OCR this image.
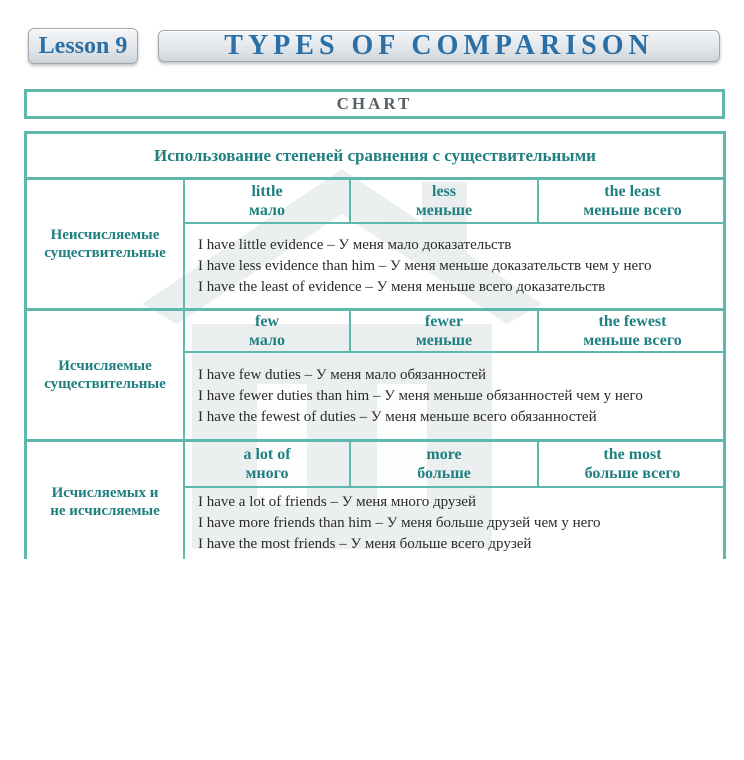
Lesson 9	TYPES OF COMPARISON
CHART
Использование степеней сравнения с существительными
Неисчисляемые
существительные
little
мало
less
меньше
the least
меньше всего
I have little evidence – У меня мало доказательств
I have less evidence than him – У меня меньше доказательств чем у него
I have the least of evidence – У меня меньше всего доказательств
Исчисляемые
существительные
few
мало
fewer
меньше
the fewest
меньше всего
I have few duties – У меня мало обязанностей
I have fewer duties than him – У меня меньше обязанностей чем у него
I have the fewest of duties – У меня меньше всего обязанностей
Исчисляемых и
не исчисляемые
a lot of
много
more
больше
the most
больше всего
I have a lot of friends – У меня много друзей
I have more friends than him – У меня больше друзей чем у него
I have the most friends – У меня больше всего друзей
